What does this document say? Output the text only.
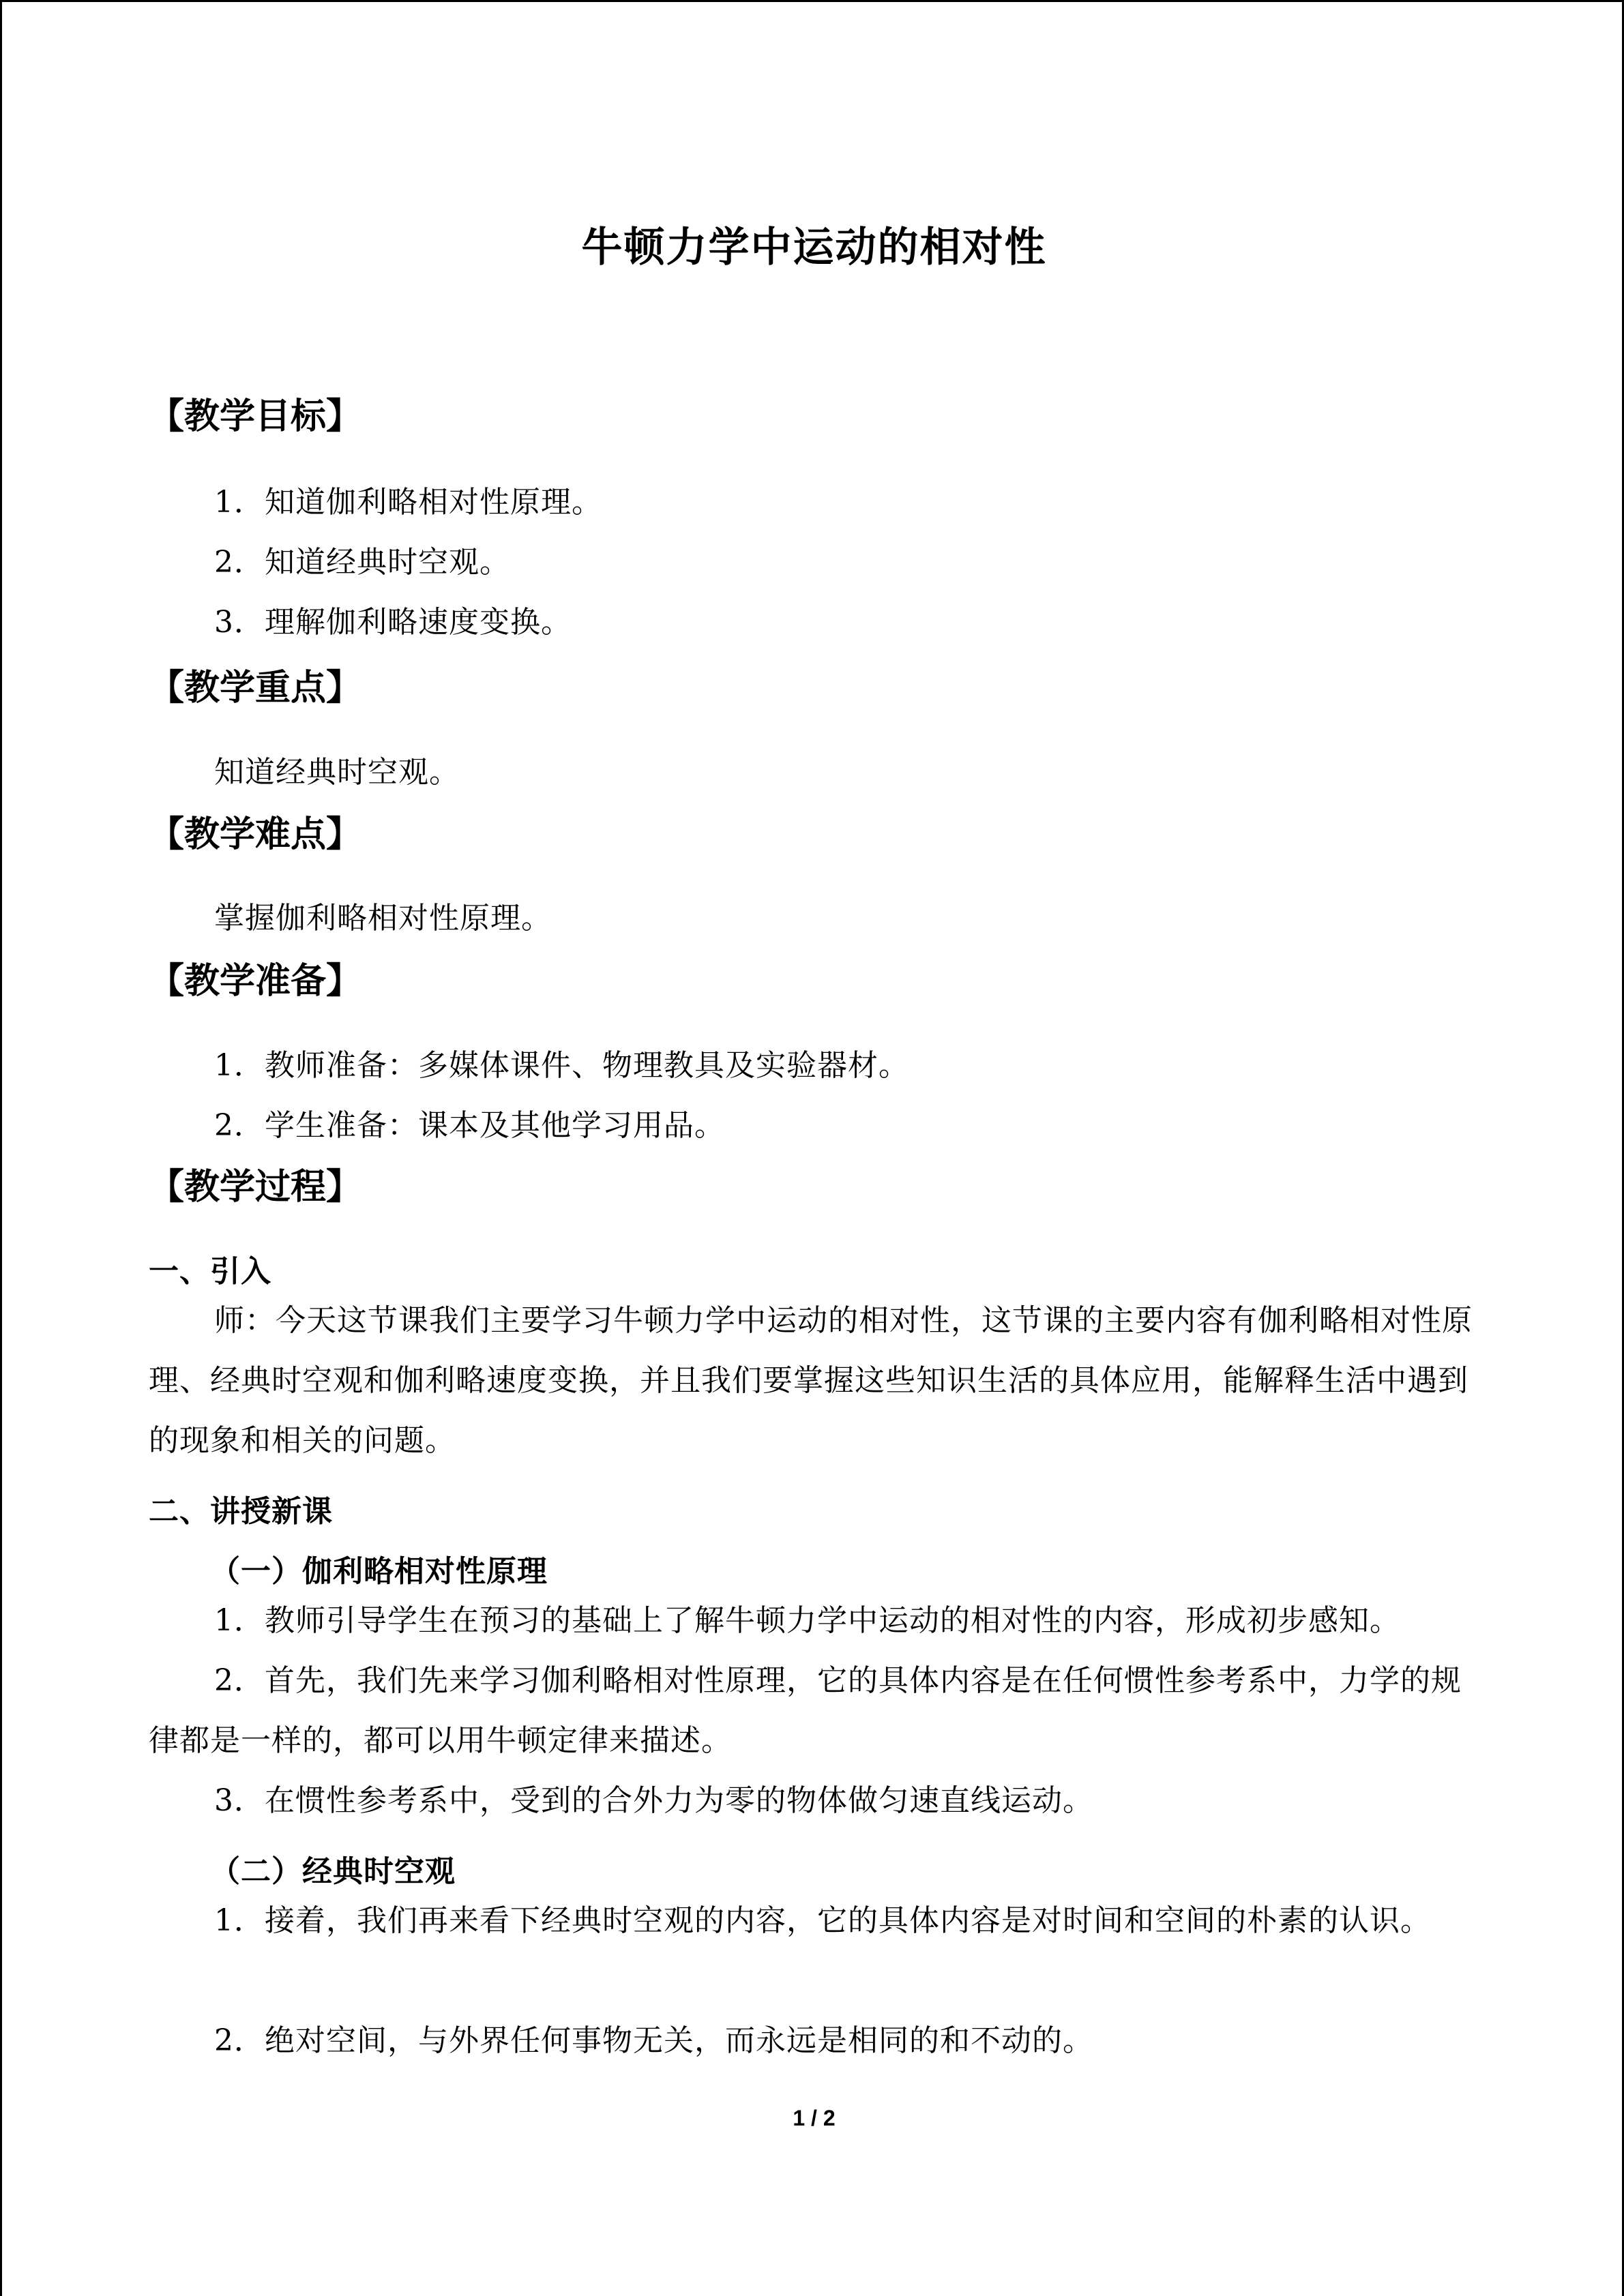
牛顿力学中运动的相对性
【教学目标】
1．知道伽利略相对性原理。
2．知道经典时空观。
3．理解伽利略速度变换。
【教学重点】
知道经典时空观。
【教学难点】
掌握伽利略相对性原理。
【教学准备】
1．教师准备：多媒体课件、物理教具及实验器材。
2．学生准备：课本及其他学习用品。
【教学过程】
一、引入
师：今天这节课我们主要学习牛顿力学中运动的相对性，这节课的主要内容有伽利略相对性原理、经典时空观和伽利略速度变换，并且我们要掌握这些知识生活的具体应用，能解释生活中遇到的现象和相关的问题。
二、讲授新课
（一）伽利略相对性原理
1．教师引导学生在预习的基础上了解牛顿力学中运动的相对性的内容，形成初步感知。
2．首先，我们先来学习伽利略相对性原理，它的具体内容是在任何惯性参考系中，力学的规律都是一样的，都可以用牛顿定律来描述。
3．在惯性参考系中，受到的合外力为零的物体做匀速直线运动。
（二）经典时空观
1．接着，我们再来看下经典时空观的内容，它的具体内容是对时间和空间的朴素的认识。
2．绝对空间，与外界任何事物无关，而永远是相同的和不动的。
1 / 2
